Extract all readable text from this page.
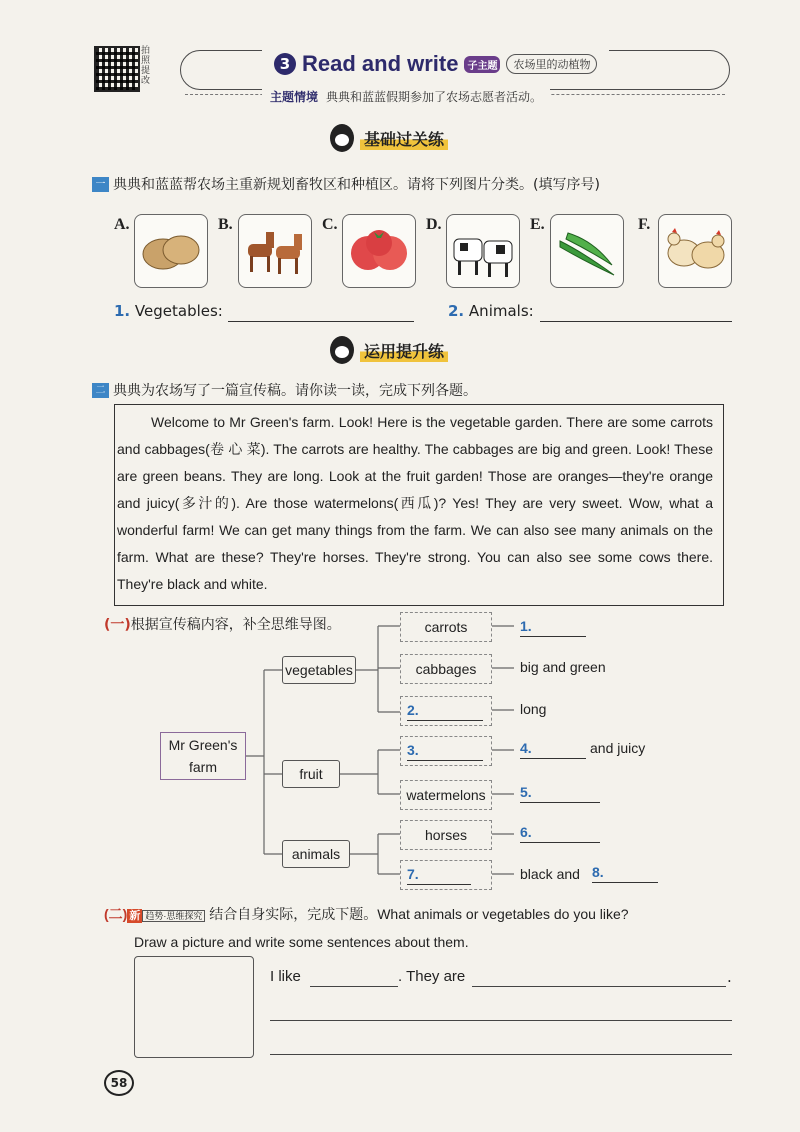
拍照提改
3 Read and write 子主题	农场里的动植物
主题情境 典典和蓝蓝假期参加了农场志愿者活动。
基础过关练
一 典典和蓝蓝帮农场主重新规划畜牧区和种植区。请将下列图片分类。(填写序号)
A.	B.	C.	D.	E.	F.
1. Vegetables:	2. Animals:
运用提升练
二 典典为农场写了一篇宣传稿。请你读一读，完成下列各题。

Welcome to Mr Green's farm. Look! Here is the vegetable garden. There are some carrots and cabbages(卷 心 菜). The carrots are healthy. The cabbages are big and green. Look! These are green beans. They are long. Look at the fruit garden! Those are oranges—they're orange and juicy(多汁的). Are those watermelons(西瓜)? Yes! They are very sweet. Wow, what a wonderful farm! We can get many things from the farm. We can also see many animals on the farm. What are these? They're horses. They're strong. You can also see some cows there. They're black and white.

(一)根据宣传稿内容，补全思维导图。
Mr Green's farm
vegetables
fruit
animals
carrots
cabbages
2.
3.
watermelons
horses
7.
1.
big and green
long
4.	and juicy
5.
6.
black and 8.
(二) 新 趋势·思维探究 结合自身实际，完成下题。What animals or vegetables do you like?
Draw a picture and write some sentences about them.
I like	. They are	.
58
